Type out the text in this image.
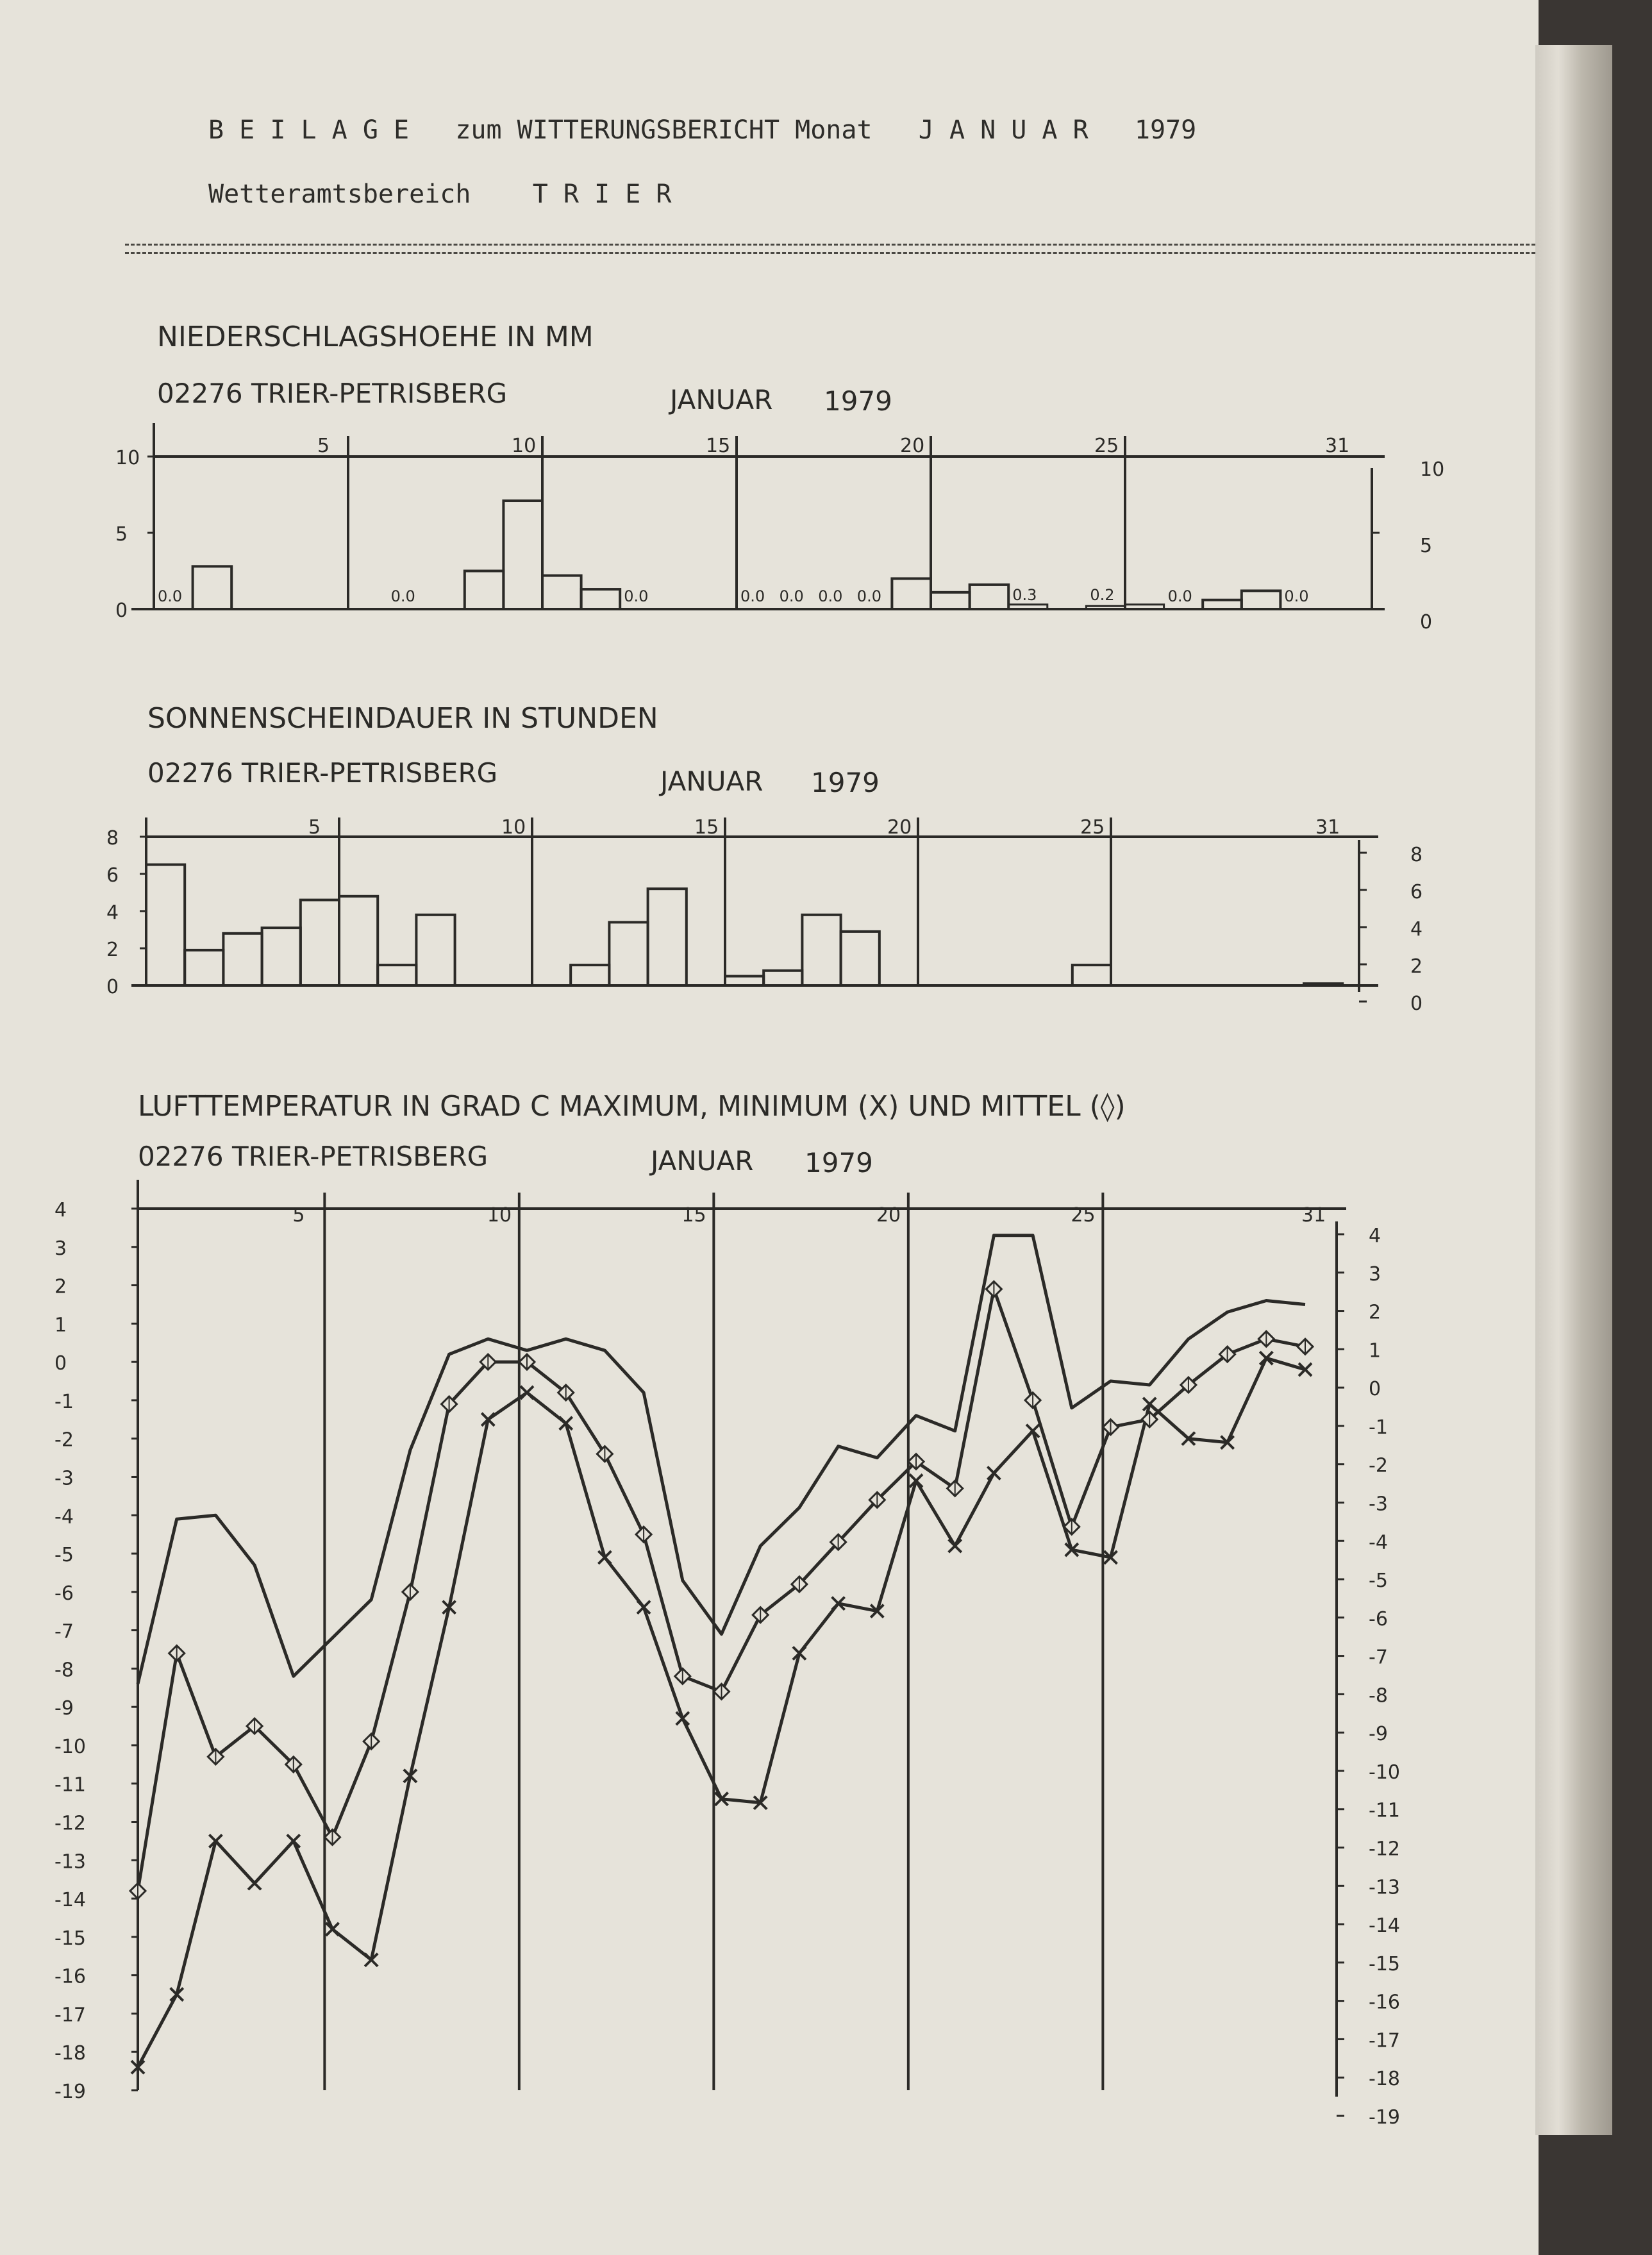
B E I L A G E   zum WITTERUNGSBERICHT Monat   J A N U A R   1979
Wetteramtsbereich    T R I E R
NIEDERSCHLAGSHOEHE IN MM
02276 TRIER-PETRISBERG	JANUAR 1979
5	10	15	20	25	31
10
10
5
5
0
0
0.0	0.0	0.0	0.0 0.0 0.0 0.0	0.3	0.2	0.0	0.0
SONNENSCHEINDAUER IN STUNDEN
02276 TRIER-PETRISBERG	JANUAR 1979
5	10	15	20	25	31
8
8
6
6
4
4
2
2
0
0
LUFTTEMPERATUR IN GRAD C MAXIMUM, MINIMUM (X) UND MITTEL (◊)
02276 TRIER-PETRISBERG	JANUAR 1979
5	10	15	20	25	31
4
4
3
3
2
2
1
1
0
0
-1
-1
-2
-2
-3
-3
-4
-4
-5
-5
-6
-6
-7
-7
-8
-8
-9
-9
-10
-10
-11
-11
-12
-12
-13
-13
-14
-14
-15
-15
-16
-16
-17
-17
-18
-18
-19
-19
